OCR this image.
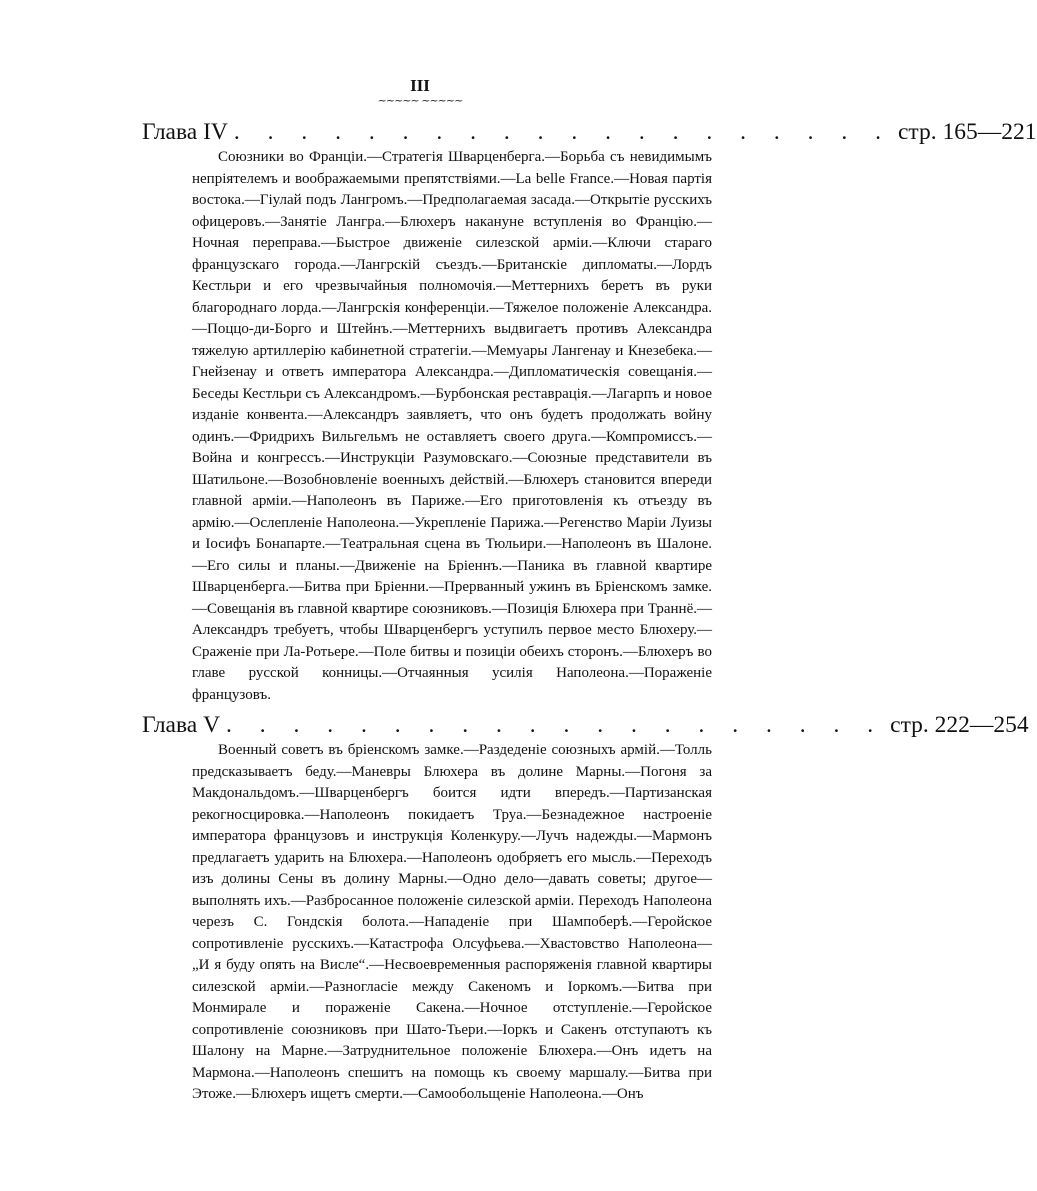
III
~~~~~ ~~~~~
Глава IV . . . . . . . . . . . . . . . . . . . . стр. 165—221

Союзники во Франціи.—Стратегія Шварценберга.—Борьба съ невидимымъ непріятелемъ и воображаемыми препятствіями.—La belle France.—Новая партія востока.—Гіулай подъ Лангромъ.—Предполагаемая засада.—Открытіе русскихъ офицеровъ.—Занятіе Лангра.—Блюхеръ накануне вступленія во Францію.—Ночная переправа.—Быстрое движеніе силезской арміи.—Ключи стараго французскаго города.—Лангрскій съездъ.—Британскіе дипломаты.—Лордъ Кестльри и его чрезвычайныя полномочія.—Меттернихъ беретъ въ руки благороднаго лорда.—Лангрскія конференціи.—Тяжелое положеніе Александра.—Поццо-ди-Борго и Штейнъ.—Меттернихъ выдвигаетъ противъ Александра тяжелую артиллерію кабинетной стратегіи.—Мемуары Лангенау и Кнезебека.—Гнейзенау и ответъ императора Александра.—Дипломатическія совещанія.—Беседы Кестльри съ Александромъ.—Бурбонская реставрація.—Лагарпъ и новое изданіе конвента.—Александръ заявляетъ, что онъ будетъ продолжать войну одинъ.—Фридрихъ Вильгельмъ не оставляетъ своего друга.—Компромиссъ.—Война и конгрессъ.—Инструкціи Разумовскаго.—Союзные представители въ Шатильоне.—Возобновленіе военныхъ действій.—Блюхеръ становится впереди главной арміи.—Наполеонъ въ Париже.—Его приготовленія къ отъезду въ армію.—Ослепленіе Наполеона.—Укрепленіе Парижа.—Регенство Маріи Луизы и Іосифъ Бонапарте.—Театральная сцена въ Тюльири.—Наполеонъ въ Шалоне.—Его силы и планы.—Движеніе на Бріеннъ.—Паника въ главной квартире Шварценберга.—Битва при Бріенни.—Прерванный ужинъ въ Бріенскомъ замке.—Совещанія въ главной квартире союзниковъ.—Позиція Блюхера при Траннё.—Александръ требуетъ, чтобы Шварценбергъ уступилъ первое место Блюхеру.—Сраженіе при Ла-Ротьере.—Поле битвы и позиціи обеихъ сторонъ.—Блюхеръ во главе русской конницы.—Отчаянныя усилія Наполеона.—Пораженіе французовъ.

Глава V . . . . . . . . . . . . . . . . . . . . стр. 222—254

Военный советъ въ бріенскомъ замке.—Раздеденіе союзныхъ армій.—Толль предсказываетъ беду.—Маневры Блюхера въ долине Марны.—Погоня за Макдональдомъ.—Шварценбергъ боится идти впередъ.—Партизанская рекогносцировка.—Наполеонъ покидаетъ Труа.—Безнадежное настроеніе императора французовъ и инструкція Коленкуру.—Лучъ надежды.—Мармонъ предлагаетъ ударить на Блюхера.—Наполеонъ одобряетъ его мысль.—Переходъ изъ долины Сены въ долину Марны.—Одно дело—давать советы; другое—выполнять ихъ.—Разбросанное положеніе силезской арміи. Переходъ Наполеона черезъ С. Гондскія болота.—Нападеніе при Шампоберѣ.—Геройское сопротивленіе русскихъ.—Катастрофа Олсуфьева.—Хвастовство Наполеона—„И я буду опять на Висле“.—Несвоевременныя распоряженія главной квартиры силезской арміи.—Разногласіе между Сакеномъ и Іоркомъ.—Битва при Монмирале и пораженіе Сакена.—Ночное отступленіе.—Геройское сопротивленіе союзниковъ при Шато-Тьери.—Іоркъ и Сакенъ отступаютъ къ Шалону на Марне.—Затруднительное положеніе Блюхера.—Онъ идетъ на Мармона.—Наполеонъ спешитъ на помощь къ своему маршалу.—Битва при Этоже.—Блюхеръ ищетъ смерти.—Самообольщеніе Наполеона.—Онъ
